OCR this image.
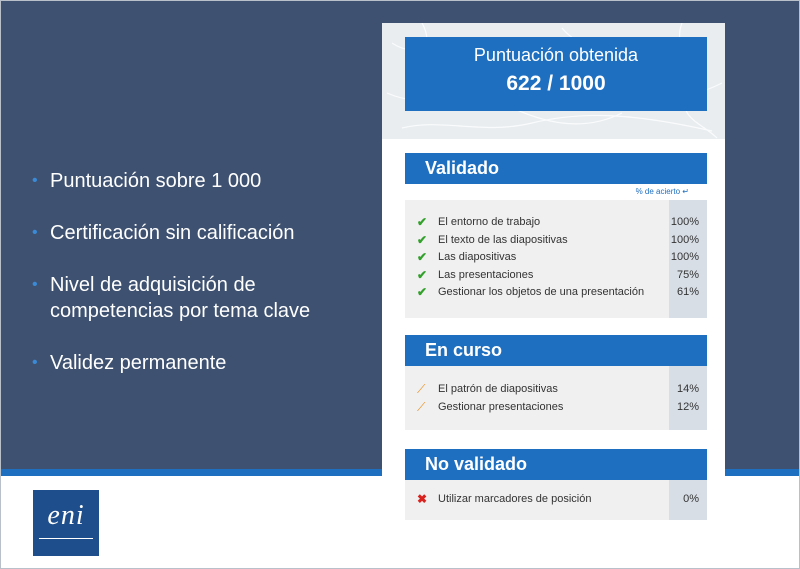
• Puntuación sobre 1 000
• Certificación sin calificación
• Nivel de adquisición de competencias por tema clave
• Validez permanente
eni
Puntuación obtenida
622 / 1000
Validado
% de acierto ↵
✔ El entorno de trabajo	100%
✔ El texto de las diapositivas	100%
✔ Las diapositivas	100%
✔ Las presentaciones	75%
✔ Gestionar los objetos de una presentación	61%
En curso
⟋	El patrón de diapositivas	14%
⟋	Gestionar presentaciones	12%
No validado
✖ Utilizar marcadores de posición	0%
